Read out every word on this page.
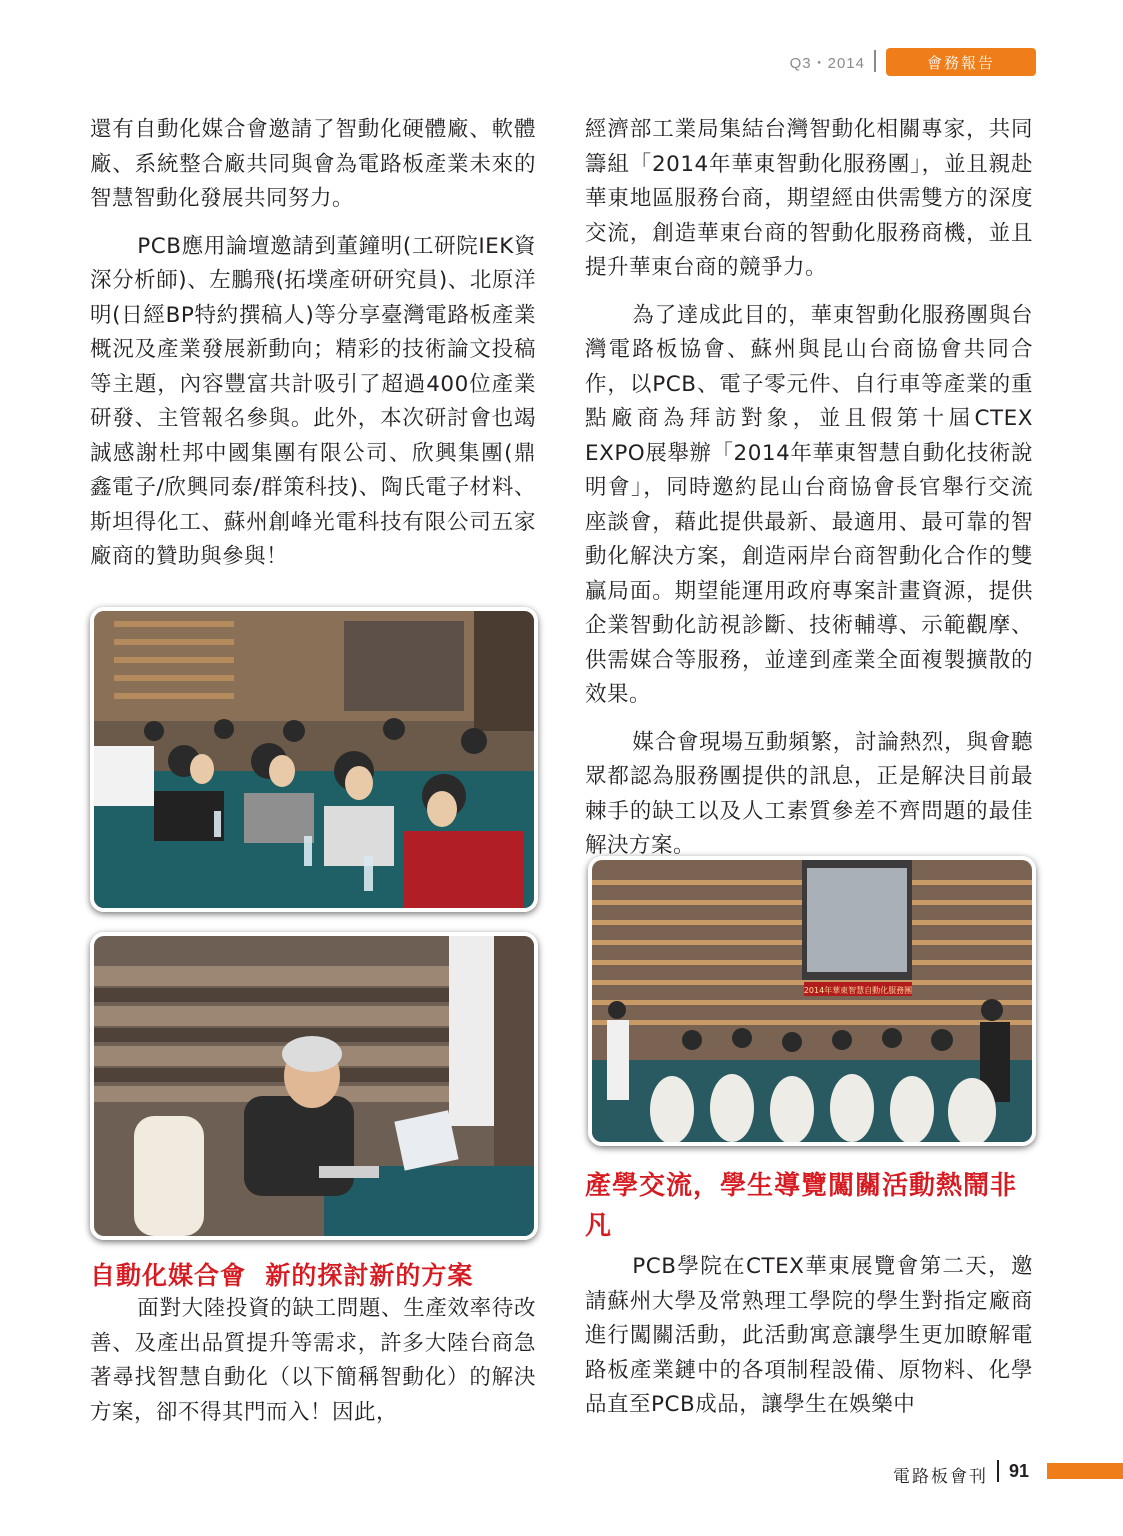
Q3・2014	會務報告

還有自動化媒合會邀請了智動化硬體廠、軟體廠、系統整合廠共同與會為電路板產業未來的智慧智動化發展共同努力。

PCB應用論壇邀請到董鐘明(工研院IEK資深分析師)、左鵬飛(拓墣產研研究員)、北原洋明(日經BP特約撰稿人)等分享臺灣電路板產業概況及產業發展新動向；精彩的技術論文投稿等主題，內容豐富共計吸引了超過400位產業研發、主管報名參與。此外，本次研討會也竭誠感謝杜邦中國集團有限公司、欣興集團(鼎鑫電子/欣興同泰/群策科技)、陶氏電子材料、斯坦得化工、蘇州創峰光電科技有限公司五家廠商的贊助與參與！

自動化媒合會  新的探討新的方案

面對大陸投資的缺工問題、生產效率待改善、及產出品質提升等需求，許多大陸台商急著尋找智慧自動化（以下簡稱智動化）的解決方案，卻不得其門而入！因此，

經濟部工業局集結台灣智動化相關專家，共同籌組「2014年華東智動化服務團」，並且親赴華東地區服務台商，期望經由供需雙方的深度交流，創造華東台商的智動化服務商機，並且提升華東台商的競爭力。

為了達成此目的，華東智動化服務團與台灣電路板協會、蘇州與昆山台商協會共同合作，以PCB、電子零元件、自行車等產業的重點廠商為拜訪對象，並且假第十屆CTEX EXPO展舉辦「2014年華東智慧自動化技術說明會」，同時邀約昆山台商協會長官舉行交流座談會，藉此提供最新、最適用、最可靠的智動化解決方案，創造兩岸台商智動化合作的雙贏局面。期望能運用政府專案計畫資源，提供企業智動化訪視診斷、技術輔導、示範觀摩、供需媒合等服務，並達到產業全面複製擴散的效果。

媒合會現場互動頻繁，討論熱烈，與會聽眾都認為服務團提供的訊息，正是解決目前最棘手的缺工以及人工素質參差不齊問題的最佳解決方案。

2014年華東智慧自動化服務團
產學交流，學生導覽闖關活動熱鬧非凡

PCB學院在CTEX華東展覽會第二天，邀請蘇州大學及常熟理工學院的學生對指定廠商進行闖關活動，此活動寓意讓學生更加瞭解電路板產業鏈中的各項制程設備、原物料、化學品直至PCB成品，讓學生在娛樂中

電路板會刊 91
